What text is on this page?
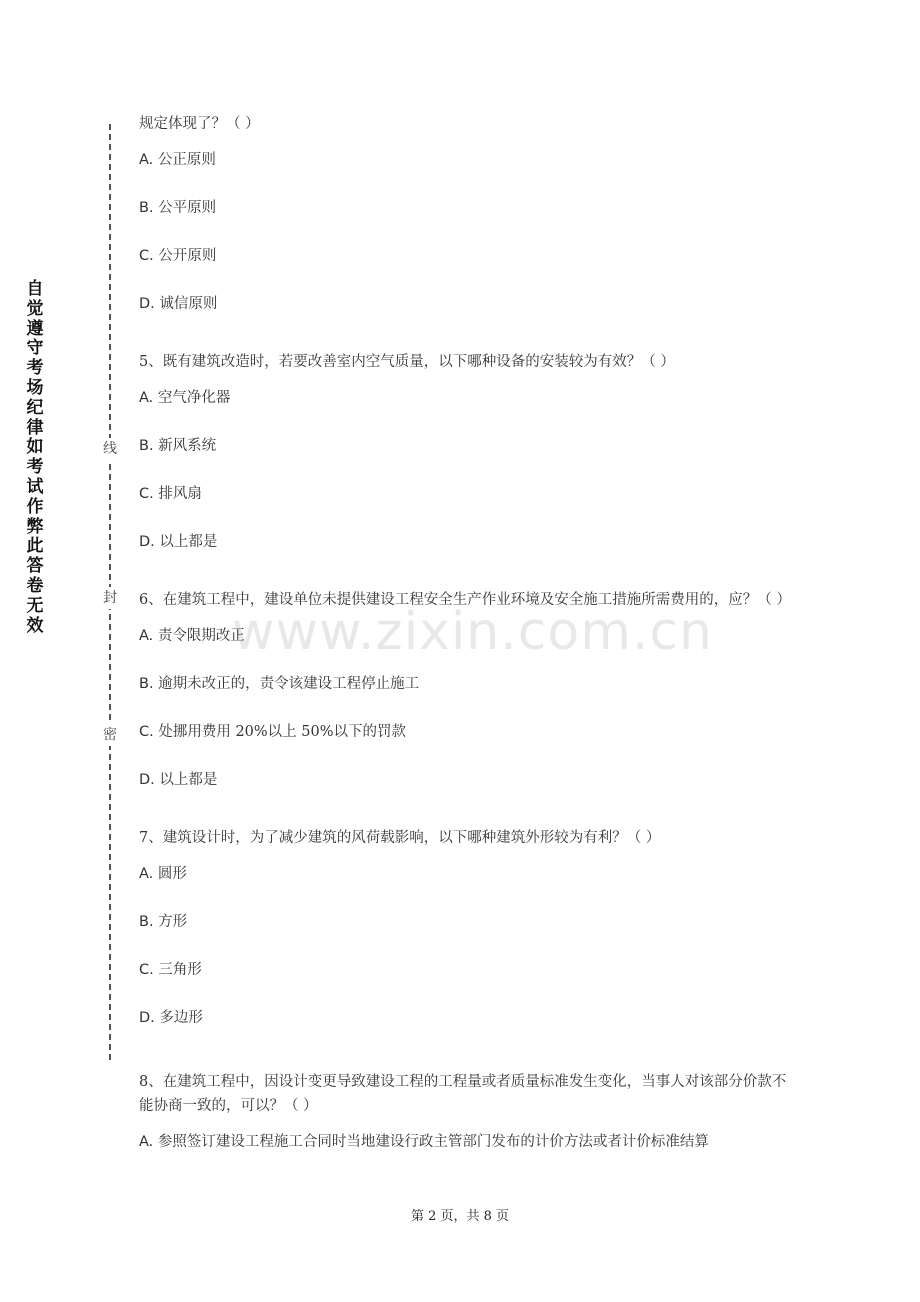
自觉遵守考场纪律如考试作弊此答卷无效
线
封
密
www.zixin.com.cn

规定体现了？（ ）

A. 公正原则
B. 公平原则
C. 公开原则
D. 诚信原则

5、既有建筑改造时，若要改善室内空气质量，以下哪种设备的安装较为有效？（ ）

A. 空气净化器
B. 新风系统
C. 排风扇
D. 以上都是

6、在建筑工程中，建设单位未提供建设工程安全生产作业环境及安全施工措施所需费用的，应？（ ）

A. 责令限期改正
B. 逾期未改正的，责令该建设工程停止施工
C. 处挪用费用 20%以上 50%以下的罚款
D. 以上都是

7、建筑设计时，为了减少建筑的风荷载影响，以下哪种建筑外形较为有利？（ ）

A. 圆形
B. 方形
C. 三角形
D. 多边形

8、在建筑工程中，因设计变更导致建设工程的工程量或者质量标准发生变化，当事人对该部分价款不能协商一致的，可以？（ ）

A. 参照签订建设工程施工合同时当地建设行政主管部门发布的计价方法或者计价标准结算
第 2 页，共 8 页
